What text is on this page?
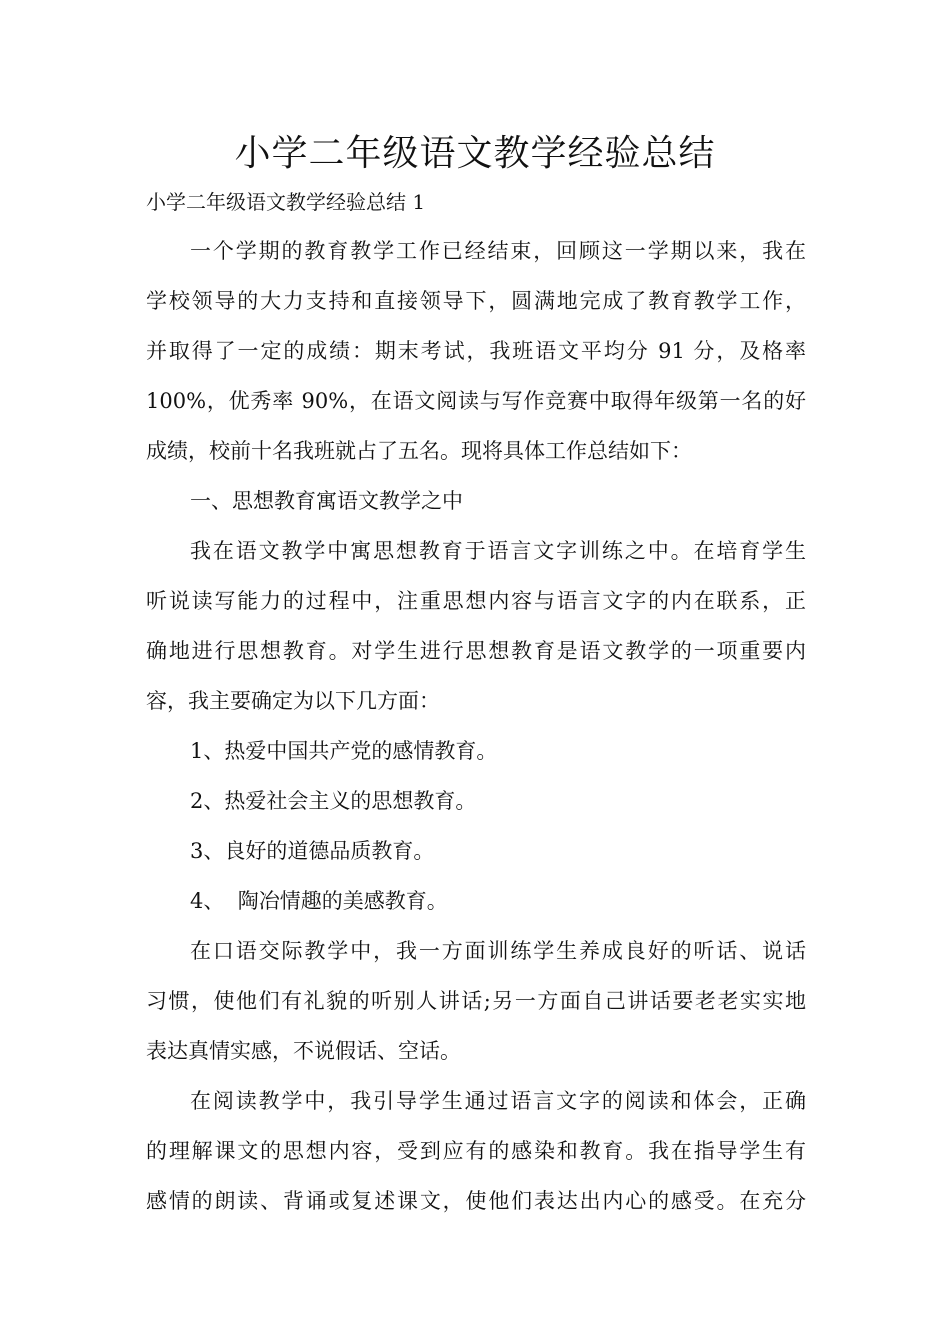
小学二年级语文教学经验总结
小学二年级语文教学经验总结 1
一个学期的教育教学工作已经结束，回顾这一学期以来，我在
学校领导的大力支持和直接领导下，圆满地完成了教育教学工作，
并取得了一定的成绩：期末考试，我班语文平均分 91 分，及格率
100%，优秀率 90%，在语文阅读与写作竞赛中取得年级第一名的好
成绩，校前十名我班就占了五名。现将具体工作总结如下：
一、思想教育寓语文教学之中
我在语文教学中寓思想教育于语言文字训练之中。在培育学生
听说读写能力的过程中，注重思想内容与语言文字的内在联系，正
确地进行思想教育。对学生进行思想教育是语文教学的一项重要内
容，我主要确定为以下几方面：
1、热爱中国共产党的感情教育。
2、热爱社会主义的思想教育。
3、良好的道德品质教育。
4、  陶冶情趣的美感教育。
在口语交际教学中，我一方面训练学生养成良好的听话、说话
习惯，使他们有礼貌的听别人讲话;另一方面自己讲话要老老实实地
表达真情实感，不说假话、空话。
在阅读教学中，我引导学生通过语言文字的阅读和体会，正确
的理解课文的思想内容，受到应有的感染和教育。我在指导学生有
感情的朗读、背诵或复述课文，使他们表达出内心的感受。在充分
